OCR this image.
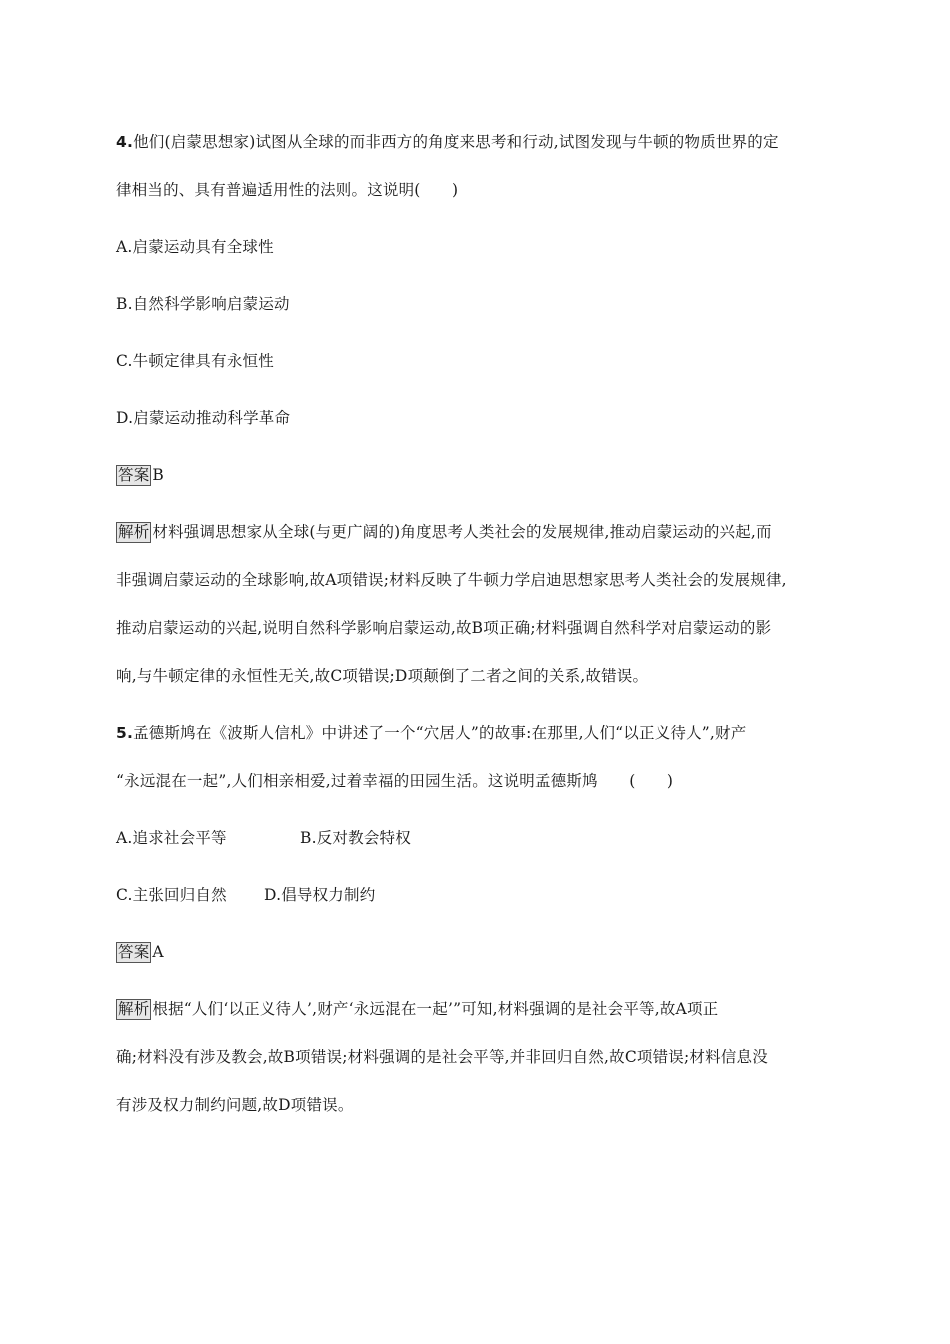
4.他们(启蒙思想家)试图从全球的而非西方的角度来思考和行动,试图发现与牛顿的物质世界的定
律相当的、具有普遍适用性的法则。这说明(　　)
A.启蒙运动具有全球性
B.自然科学影响启蒙运动
C.牛顿定律具有永恒性
D.启蒙运动推动科学革命
答案 B
解析 材料强调思想家从全球(与更广阔的)角度思考人类社会的发展规律,推动启蒙运动的兴起,而
非强调启蒙运动的全球影响,故A项错误;材料反映了牛顿力学启迪思想家思考人类社会的发展规律,
推动启蒙运动的兴起,说明自然科学影响启蒙运动,故B项正确;材料强调自然科学对启蒙运动的影
响,与牛顿定律的永恒性无关,故C项错误;D项颠倒了二者之间的关系,故错误。
5.孟德斯鸠在《波斯人信札》中讲述了一个“穴居人”的故事:在那里,人们“以正义待人”,财产
“永远混在一起”,人们相亲相爱,过着幸福的田园生活。这说明孟德斯鸠　　(　　)
A.追求社会平等	B.反对教会特权
C.主张回归自然 D.倡导权力制约
答案 A
解析 根据“人们‘以正义待人’,财产‘永远混在一起’”可知,材料强调的是社会平等,故A项正
确;材料没有涉及教会,故B项错误;材料强调的是社会平等,并非回归自然,故C项错误;材料信息没
有涉及权力制约问题,故D项错误。
